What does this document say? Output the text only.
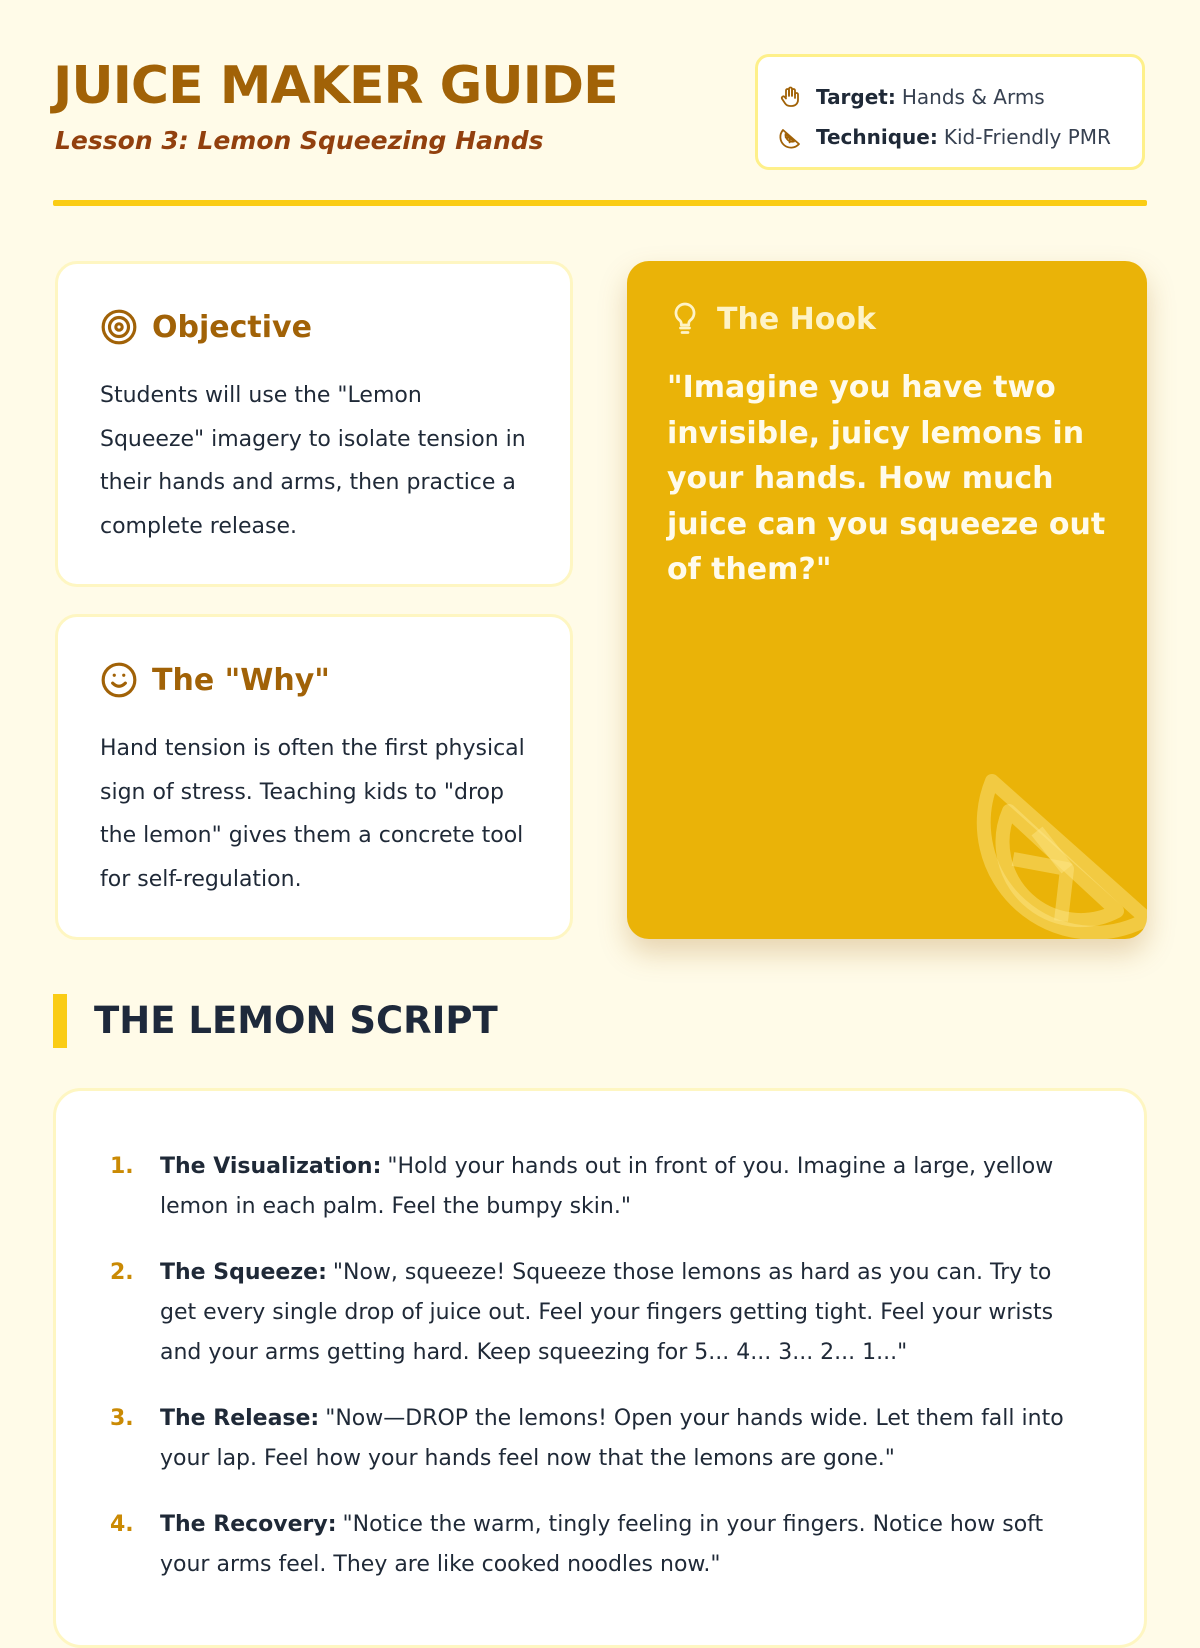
JUICE MAKER GUIDE
Lesson 3: Lemon Squeezing Hands
Target: Hands & Arms
Technique: Kid-Friendly PMR
Objective

Students will use the "Lemon Squeeze" imagery to isolate tension in their hands and arms, then practice a complete release.

The "Why"

Hand tension is often the first physical sign of stress. Teaching kids to "drop the lemon" gives them a concrete tool for self-regulation.

The Hook

"Imagine you have two invisible, juicy lemons in your hands. How much juice can you squeeze out of them?"

THE LEMON SCRIPT
1.	The Visualization: "Hold your hands out in front of you. Imagine a large, yellow lemon in each palm. Feel the bumpy skin."
2.	The Squeeze: "Now, squeeze! Squeeze those lemons as hard as you can. Try to get every single drop of juice out. Feel your fingers getting tight. Feel your wrists and your arms getting hard. Keep squeezing for 5... 4... 3... 2... 1..."
3.	The Release: "Now—DROP the lemons! Open your hands wide. Let them fall into your lap. Feel how your hands feel now that the lemons are gone."
4.	The Recovery: "Notice the warm, tingly feeling in your fingers. Notice how soft your arms feel. They are like cooked noodles now."
